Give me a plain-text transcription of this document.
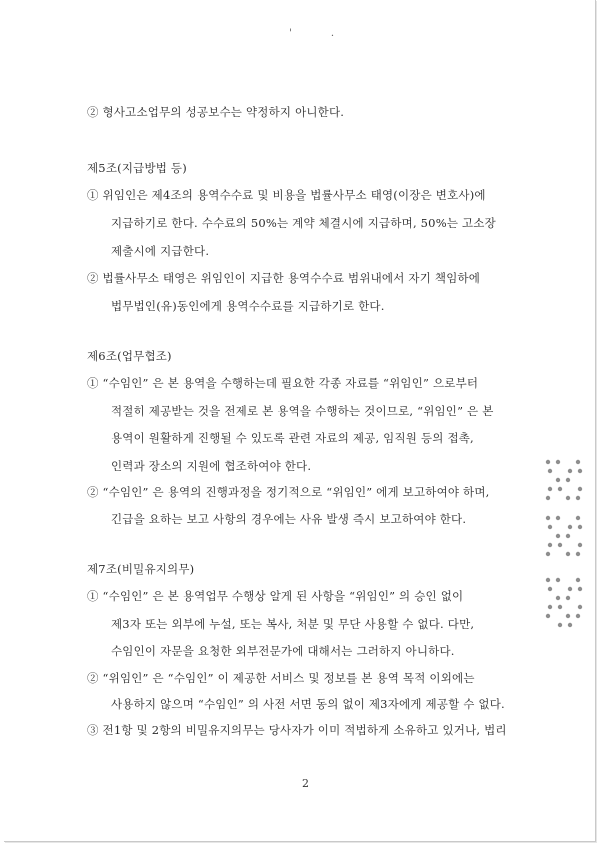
' .
② 형사고소업무의 성공보수는 약정하지 아니한다.
제5조(지급방법 등)
① 위임인은 제4조의 용역수수료 및 비용을 법률사무소 태영(이장은 변호사)에
지급하기로 한다. 수수료의 50%는 계약 체결시에 지급하며, 50%는 고소장
제출시에 지급한다.
② 법률사무소 태영은 위임인이 지급한 용역수수료 범위내에서 자기 책임하에
법무법인(유)동인에게 용역수수료를 지급하기로 한다.
제6조(업무협조)
① “수임인” 은 본 용역을 수행하는데 필요한 각종 자료를 “위임인” 으로부터
적절히 제공받는 것을 전제로 본 용역을 수행하는 것이므로, “위임인” 은 본
용역이 원활하게 진행될 수 있도록 관련 자료의 제공, 임직원 등의 접촉,
인력과 장소의 지원에 협조하여야 한다.
② “수임인” 은 용역의 진행과정을 정기적으로 “위임인” 에게 보고하여야 하며,
긴급을 요하는 보고 사항의 경우에는 사유 발생 즉시 보고하여야 한다.
제7조(비밀유지의무)
① “수임인” 은 본 용역업무 수행상 알게 된 사항을 “위임인” 의 승인 없이
제3자 또는 외부에 누설, 또는 복사, 처분 및 무단 사용할 수 없다. 다만,
수임인이 자문을 요청한 외부전문가에 대해서는 그러하지 아니하다.
② “위임인” 은 “수임인” 이 제공한 서비스 및 정보를 본 용역 목적 이외에는
사용하지 않으며 “수임인” 의 사전 서면 동의 없이 제3자에게 제공할 수 없다.
③ 전1항 및 2항의 비밀유지의무는 당사자가 이미 적법하게 소유하고 있거나, 법리
2
